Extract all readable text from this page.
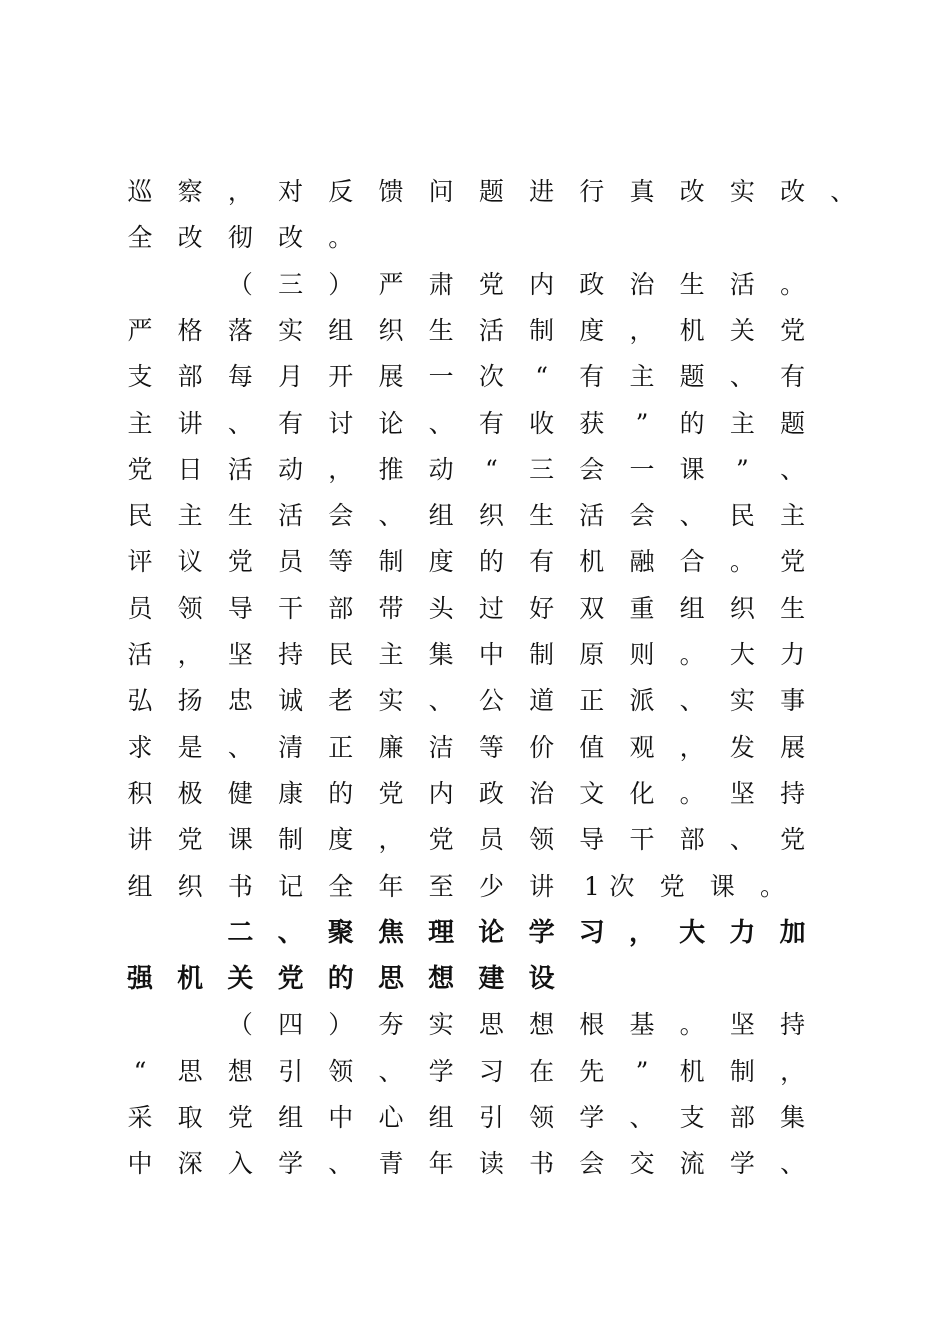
巡	察	，	对	反	馈	问	题	进	行	真	改	实	改	、

全	改	彻	改	。

（	三	）	严	肃	党	内	政	治	生	活	。

严	格	落	实	组	织	生	活	制	度	，	机	关	党

支	部	每	月	开	展	一	次	“	有	主	题	、	有

主	讲	、	有	讨	论	、	有	收	获	”	的	主	题

党	日	活	动	，	推	动	“	三	会	一	课	”	、

民	主	生	活	会	、	组	织	生	活	会	、	民	主

评	议	党	员	等	制	度	的	有	机	融	合	。	党

员	领	导	干	部	带	头	过	好	双	重	组	织	生

活	，	坚	持	民	主	集	中	制	原	则	。	大	力

弘	扬	忠	诚	老	实	、	公	道	正	派	、	实	事

求	是	、	清	正	廉	洁	等	价	值	观	，	发	展

积	极	健	康	的	党	内	政	治	文	化	。	坚	持

讲	党	课	制	度	，	党	员	领	导	干	部	、	党

组	织	书	记	全	年	至	少	讲	1 次	党	课	。

二 、 聚 焦 理 论 学 习 ， 大 力 加

强 机 关 党 的 思 想 建 设

（	四	）	夯	实	思	想	根	基	。	坚	持

“	思	想	引	领	、	学	习	在	先	”	机	制	，

采	取	党	组	中	心	组	引	领	学	、	支	部	集

中	深	入	学	、	青	年	读	书	会	交	流	学	、
